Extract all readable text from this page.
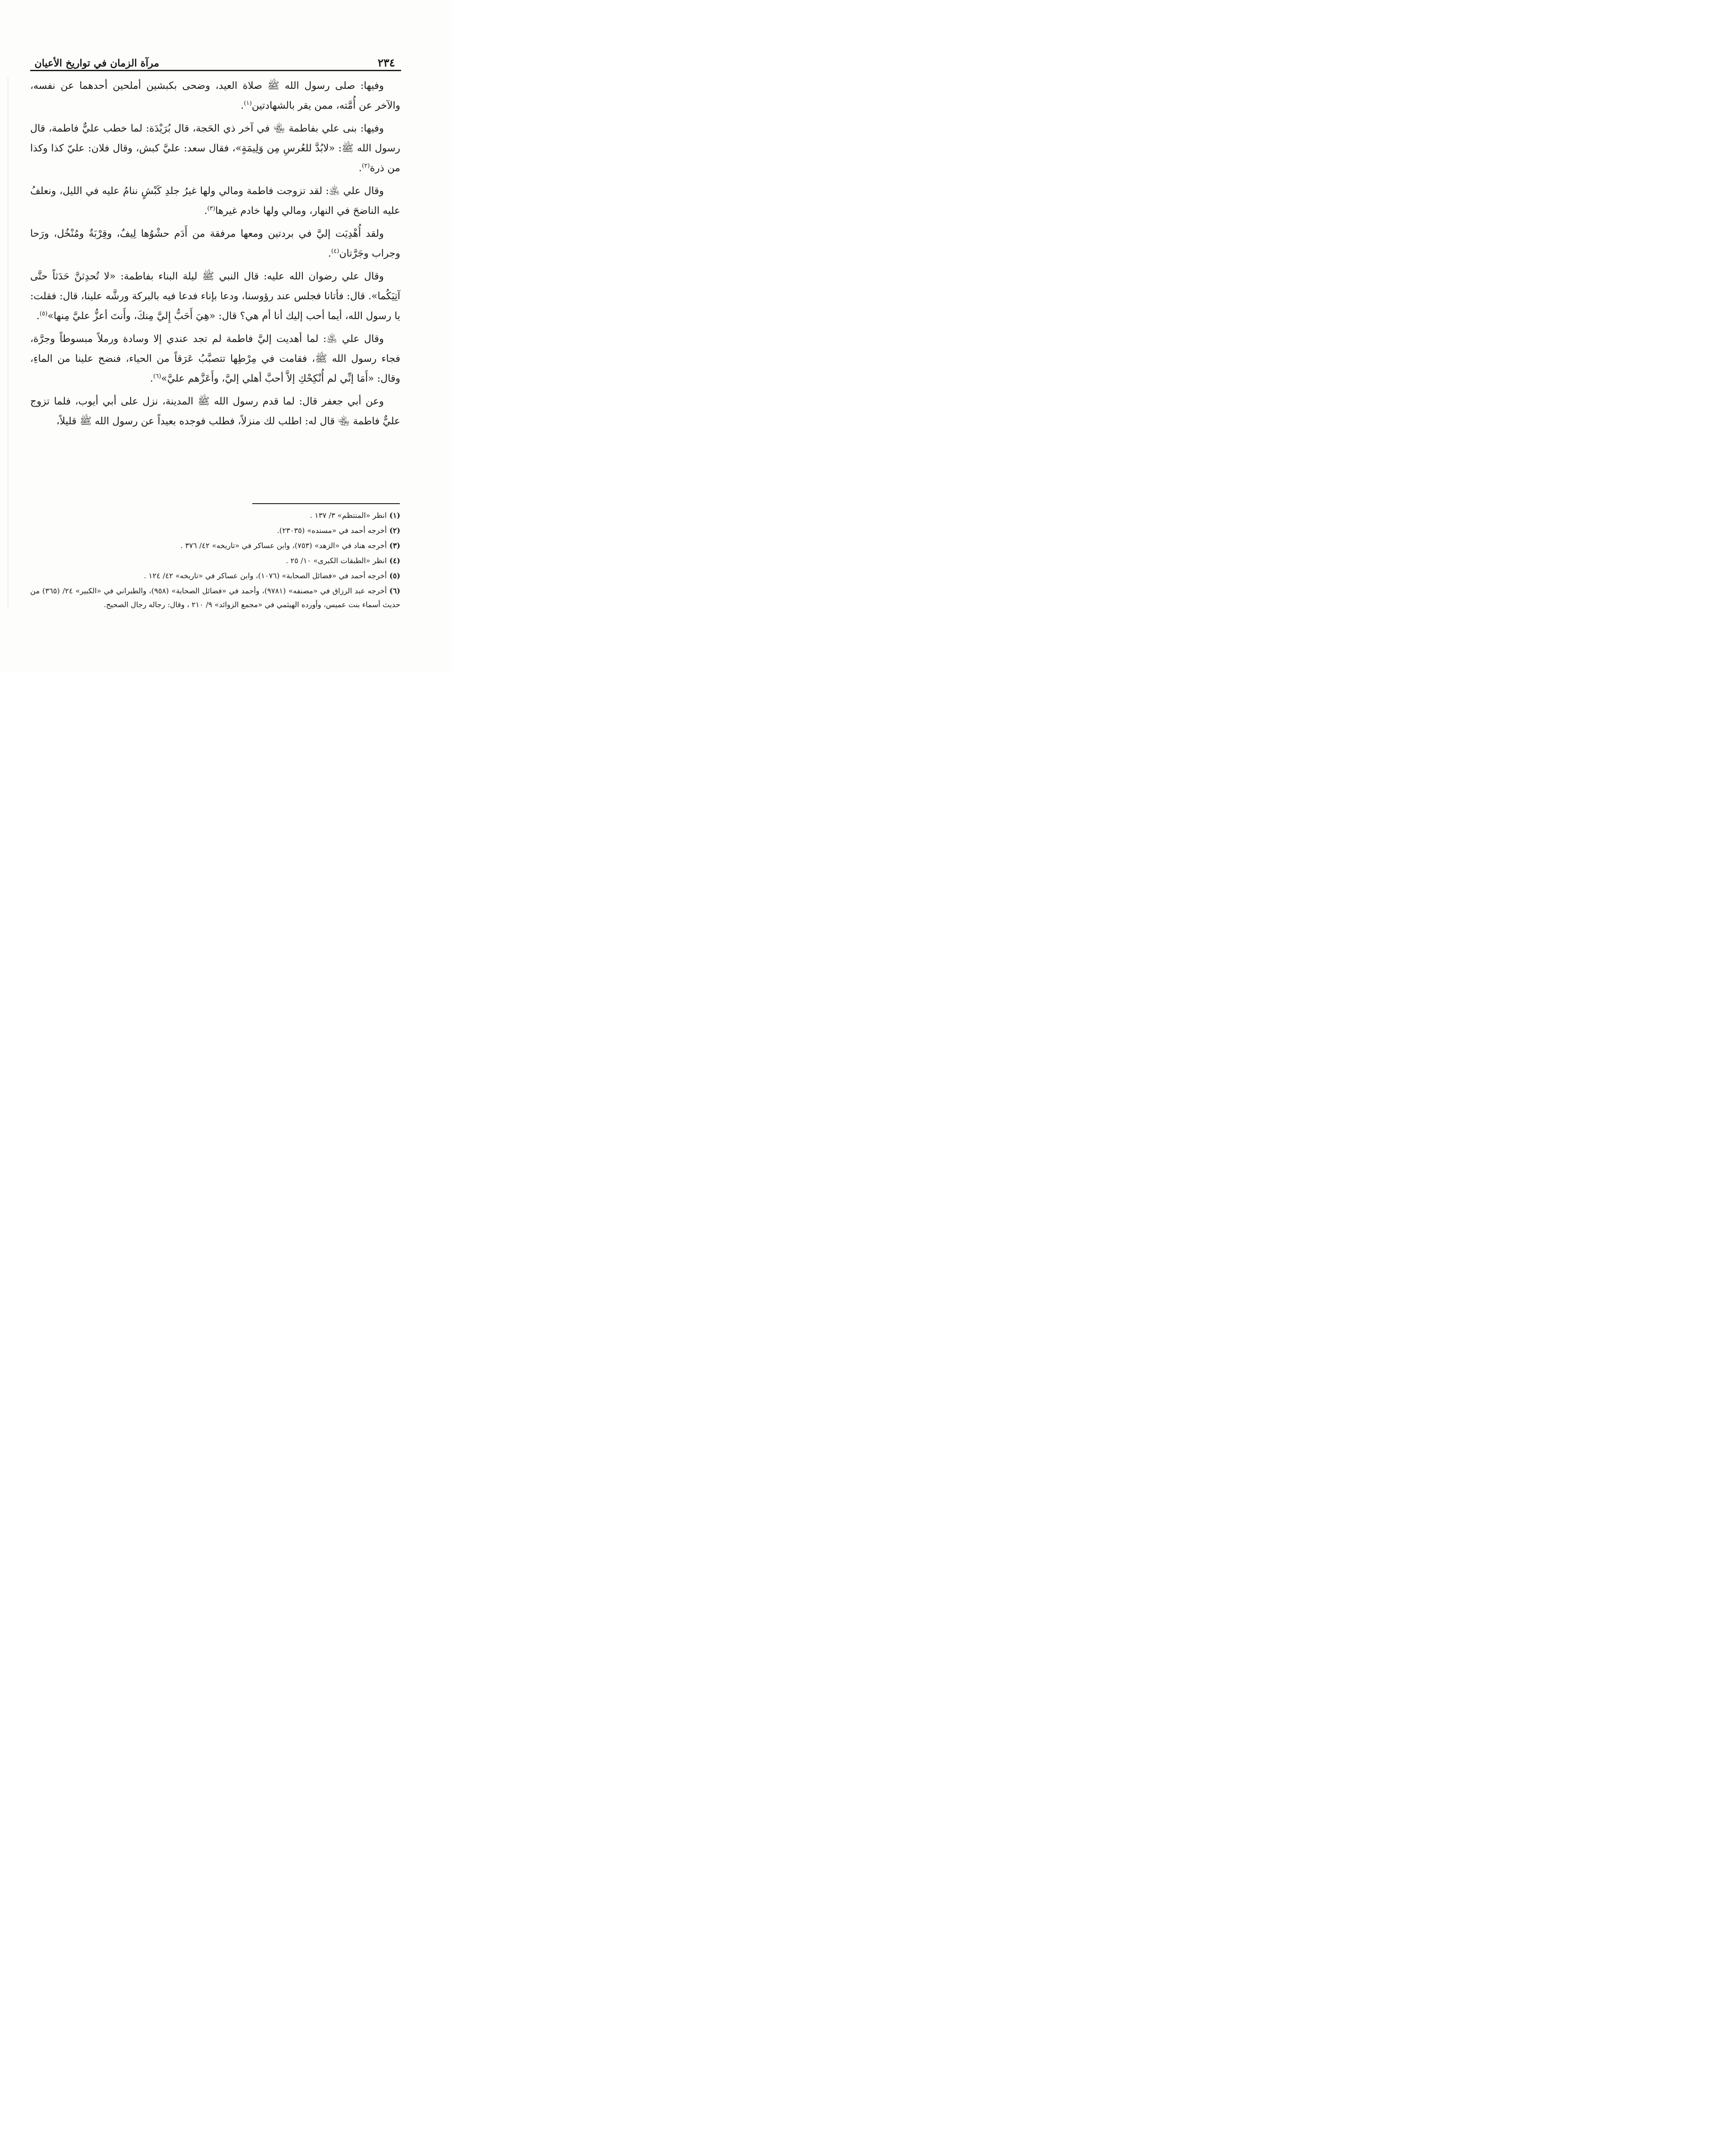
٢٣٤
مرآة الزمان في تواريخ الأعيان

وفيها: صلى رسول الله ﷺ صلاة العيد، وضحى بكبشين أملحين أحدهما عن نفسه، والآخر عن أُمَّته، ممن يقر بالشهادتين$^{(١)}$.

وفيها: بنى علي بفاطمة ﵄ في آخر ذي الحَجة، قال بُرَيْدَة: لما خطب عليٌّ فاطمة، قال رسول الله ﷺ: «لابُدَّ للعُرسِ مِن وَلِيمَةٍ»، فقال سعد: عليَّ كبش، وقال فلان: عليّ كذا وكذا من ذرة$^{(٢)}$.

وقال علي ﵁: لقد تزوجت فاطمة ومالي ولها غيرُ جلدِ كَبْشٍ ننامُ عليه في الليل، ونعلفُ عليه الناضحَ في النهار، ومالي ولها خادم غيرها$^{(٣)}$.

ولقد أُهْدِيَت إليَّ في بردتين ومعها مرفقة من أَدَم حشْوُها لِيفٌ، وقِرْبَةٌ ومُنْخُل، ورَحا وجراب وجَرَّتان$^{(٤)}$.

وقال علي رضوان الله عليه: قال النبي ﷺ ليلة البناء بفاطمة: «لا تُحدِثنَّ حَدَثاً حتَّى آتِيَكُما». قال: فأتانا فجلس عند رؤوسنا، ودعا بإناء فدعا فيه بالبركة ورشَّه علينا، قال: فقلت: يا رسول الله، أيما أحب إليك أنا أم هي؟ قال: «هِيَ أَحَبُّ إِليَّ مِنكَ، وأَنتَ أعزُّ عليَّ مِنها»$^{(٥)}$.

وقال علي ﵁: لما أهديت إليَّ فاطمة لم تجد عندي إلا وسادة ورملاً مبسوطاً وجرَّة، فجاء رسول الله ﷺ، فقامت في مِرْطِها تتصبَّبُ عَرَقاً من الحياء، فنضح علينا من الماءِ، وقال: «أَمَا إنِّي لم أُنْكِحْكِ إلاَّ أحبَّ أهلي إليَّ، وأَعَزَّهم عليَّ»$^{(٦)}$.

وعن أبي جعفر قال: لما قدم رسول الله ﷺ المدينة، نزل على أبي أيوب، فلما تزوج عليٌّ فاطمة ﵄ قال له: اطلب لك منزلاً، فطلب فوجده بعيداً عن رسول الله ﷺ قليلاً،

(١)انظر «المنتظم» ٣/ ١٣٧ .
(٢)أخرجه أحمد في «مسنده» (٢٣٠٣٥).
(٣)أخرجه هناد في «الزهد» (٧٥٣)، وابن عساكر في «تاريخه» ٤٢/ ٣٧٦ .
(٤)انظر «الطبقات الكبرى» ١٠/ ٢٥ .
(٥)أخرجه أحمد في «فضائل الصحابة» (١٠٧٦)، وابن عساكر في «تاريخه» ٤٢/ ١٢٤ .
(٦)أخرجه عبد الرزاق في «مصنفه» (٩٧٨١)، وأحمد في «فضائل الصحابة» (٩٥٨)، والطبراني في «الكبير» ٢٤/ (٣٦٥) من حديث أسماء بنت عميس، وأورده الهيثمي في «مجمع الزوائد» ٩/ ٢١٠ ، وقال: رجاله رجال الصحيح.
